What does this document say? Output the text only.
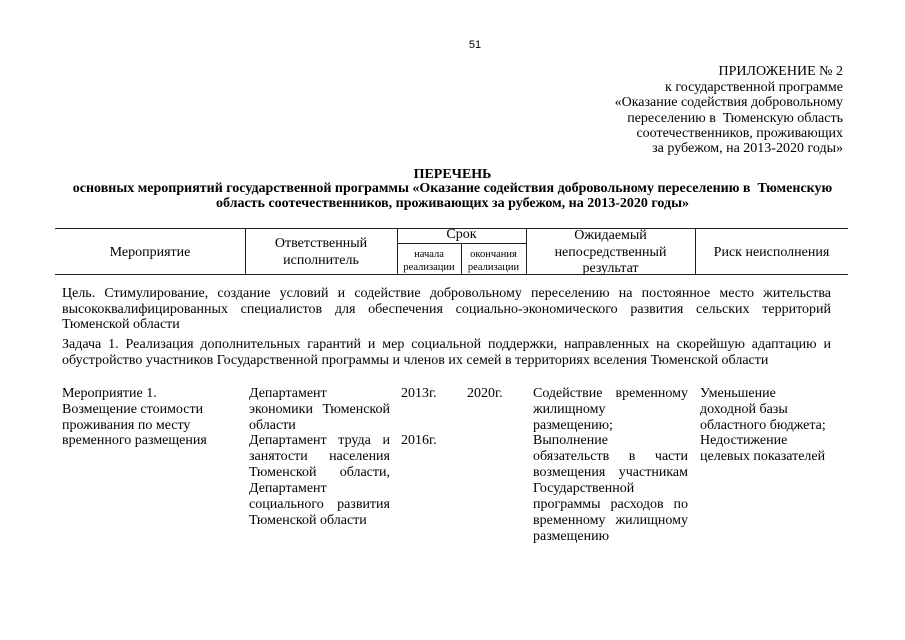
51
ПРИЛОЖЕНИЕ № 2
к государственной программе
«Оказание содействия добровольному
переселению в  Тюменскую область
соотечественников, проживающих
за рубежом, на 2013-2020 годы»
ПЕРЕЧЕНЬ
основных мероприятий государственной программы «Оказание содействия добровольному переселению в  Тюменскую
область соотечественников, проживающих за рубежом, на 2013-2020 годы»
Мероприятие
Ответственный
исполнитель
Срок
начала
реализации
окончания
реализации
Ожидаемый
непосредственный
результат
Риск неисполнения
Цель. Стимулирование, создание условий и содействие добровольному переселению на постоянное место жительства
высококвалифицированных специалистов для обеспечения социально-экономического развития сельских территорий
Тюменской области
Задача 1. Реализация дополнительных гарантий и мер социальной поддержки, направленных на скорейшую адаптацию и
обустройство участников Государственной программы и членов их семей в территориях вселения Тюменской области
Мероприятие 1.
Возмещение стоимости
проживания по месту
временного размещения
Департамент
экономики Тюменской
области
Департамент труда и
занятости населения
Тюменской области,
Департамент
социального развития
Тюменской области
2013г.
2016г.
2020г. Содействие временному
жилищному
размещению;
Выполнение
обязательств в части
возмещения участникам
Государственной
программы расходов по
временному жилищному
размещению
Уменьшение
доходной базы
областного бюджета;
Недостижение
целевых показателей
